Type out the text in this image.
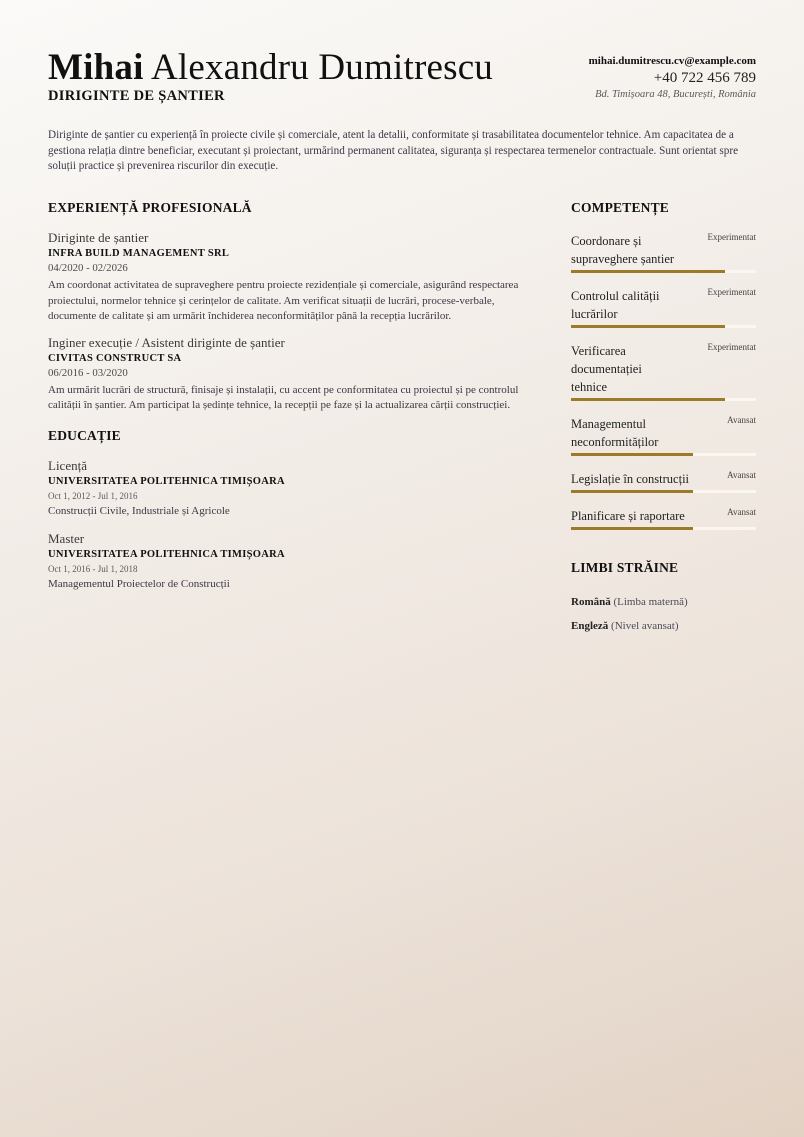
Mihai Alexandru Dumitrescu
DIRIGINTE DE ȘANTIER
mihai.dumitrescu.cv@example.com
+40 722 456 789
Bd. Timișoara 48, București, România

Diriginte de șantier cu experiență în proiecte civile și comerciale, atent la detalii, conformitate și trasabilitatea documentelor tehnice. Am capacitatea de a gestiona relația dintre beneficiar, executant și proiectant, urmărind permanent calitatea, siguranța și respectarea termenelor contractuale. Sunt orientat spre soluții practice și prevenirea riscurilor din execuție.

EXPERIENȚĂ PROFESIONALĂ
Diriginte de șantier
INFRA BUILD MANAGEMENT SRL
04/2020 - 02/2026

Am coordonat activitatea de supraveghere pentru proiecte rezidențiale și comerciale, asigurând respectarea proiectului, normelor tehnice și cerințelor de calitate. Am verificat situații de lucrări, procese-verbale, documente de calitate și am urmărit închiderea neconformităților până la recepția lucrărilor.

Inginer execuție / Asistent diriginte de șantier
CIVITAS CONSTRUCT SA
06/2016 - 03/2020

Am urmărit lucrări de structură, finisaje și instalații, cu accent pe conformitatea cu proiectul și pe controlul calității în șantier. Am participat la ședințe tehnice, la recepții pe faze și la actualizarea cărții construcției.

EDUCAȚIE
Licență
UNIVERSITATEA POLITEHNICA TIMIȘOARA
Oct 1, 2012 - Jul 1, 2016
Construcții Civile, Industriale și Agricole
Master
UNIVERSITATEA POLITEHNICA TIMIȘOARA
Oct 1, 2016 - Jul 1, 2018
Managementul Proiectelor de Construcții
COMPETENȚE
Coordonare și supraveghere șantier
Experimentat
Controlul calității lucrărilor
Experimentat
Verificarea documentației tehnice
Experimentat
Managementul neconformităților
Avansat
Legislație în construcții	Avansat
Planificare și raportare	Avansat
LIMBI STRĂINE
Română (Limba maternă)
Engleză (Nivel avansat)
